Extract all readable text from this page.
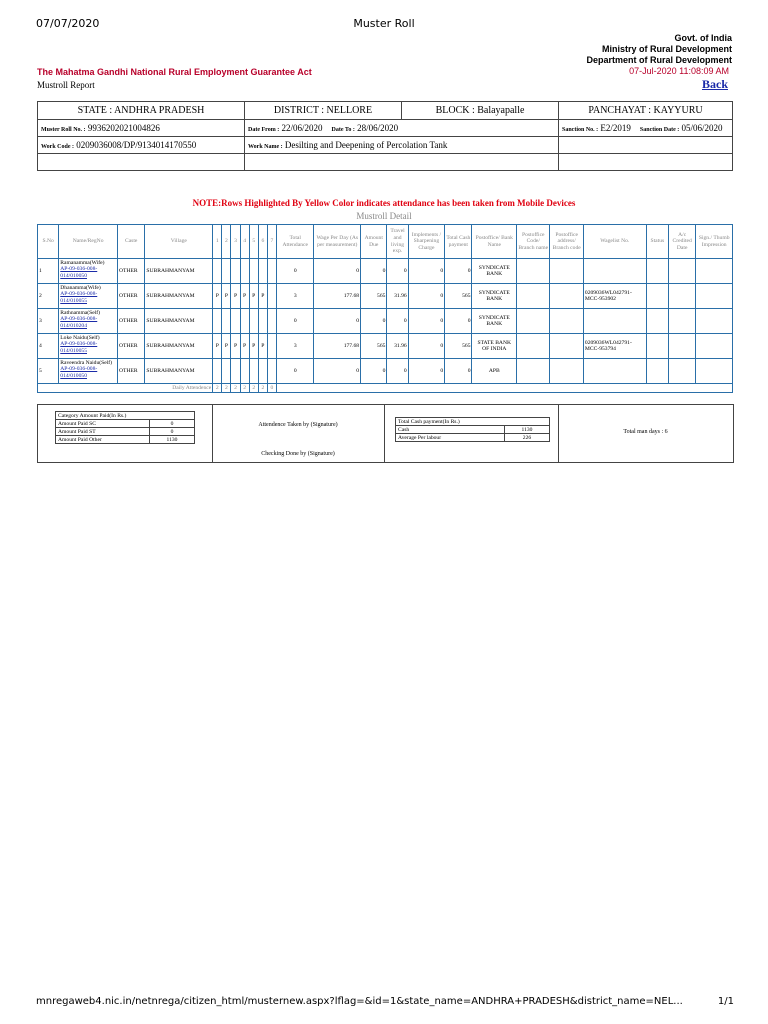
07/07/2020	Muster Roll
Govt. of India
Ministry of Rural Development
Department of Rural Development
The Mahatma Gandhi National Rural Employment Guarantee Act
Mustroll Report
07-Jul-2020 11:08:09 AM
Back
STATE : ANDHRA PRADESH	DISTRICT : NELLORE	BLOCK : Balayapalle	PANCHAYAT : KAYYURU
Muster Roll No. : 9936202021004826	Date From : 22/06/2020 Date To : 28/06/2020		Sanction No. : E2/2019 Sanction Date : 05/06/2020
Work Code : 0209036008/DP/9134014170550	Work Name : Desilting and Deepening of Percolation Tank		

NOTE:Rows Highlighted By Yellow Color indicates attendance has been taken from Mobile Devices
Mustroll Detail
S.No	Name/RegNo	Caste	Village	1	2	3	4	5	6	7	Total Attendance	Wage Per Day (As per measurement)	Amount Due	Travel and living exp.	Implements / Sharpening Charge	Total Cash payment	Postoffice/ Bank Name	Postoffice Code/ Branch name	Postoffice address/ Branch code	Wagelist No.	Status	A/c Credited Date	Sign./ Thumb Impression
1	Ramanamma(Wife)
AP-09-036-008-014/010050	OTHER	SUBRAHMANYAM								0	0	0	0	0	0	SYNDICATE BANK						
2	Dhanamma(Wife)
AP-09-036-008-014/010055	OTHER	SUBRAHMANYAM	P	P	P	P	P	P		3	177.68	565	31.96	0	565	SYNDICATE BANK			0209036WL042791-MCC-953902			
3	Rathnamma(Self)
AP-09-036-008-014/010204	OTHER	SUBRAHMANYAM								0	0	0	0	0	0	SYNDICATE BANK						
4	Loke Naidu(Self)
AP-09-036-008-014/010055	OTHER	SUBRAHMANYAM	P	P	P	P	P	P		3	177.68	565	31.96	0	565	STATE BANK OF INDIA			0209036WL042791-MCC-953794			
5	Raveendra Naidu(Self)
AP-09-036-008-014/010050	OTHER	SUBRAHMANYAM								0	0	0	0	0	0	APB						
Daily Attendence				2	2	2	2	2	2	0													
Category Amount Paid(In Rs.)	
Amount Paid SC	0
Amount Paid ST	0
Amount Paid Other	1130
Attendence Taken by (Signature)
Checking Done by (Signature)
Total Cash payment(In Rs.)	
Cash	1130
Average Per labour	226
Total man days : 6
mnregaweb4.nic.in/netnrega/citizen_html/musternew.aspx?lflag=&id=1&state_name=ANDHRA+PRADESH&district_name=NEL...	1/1
